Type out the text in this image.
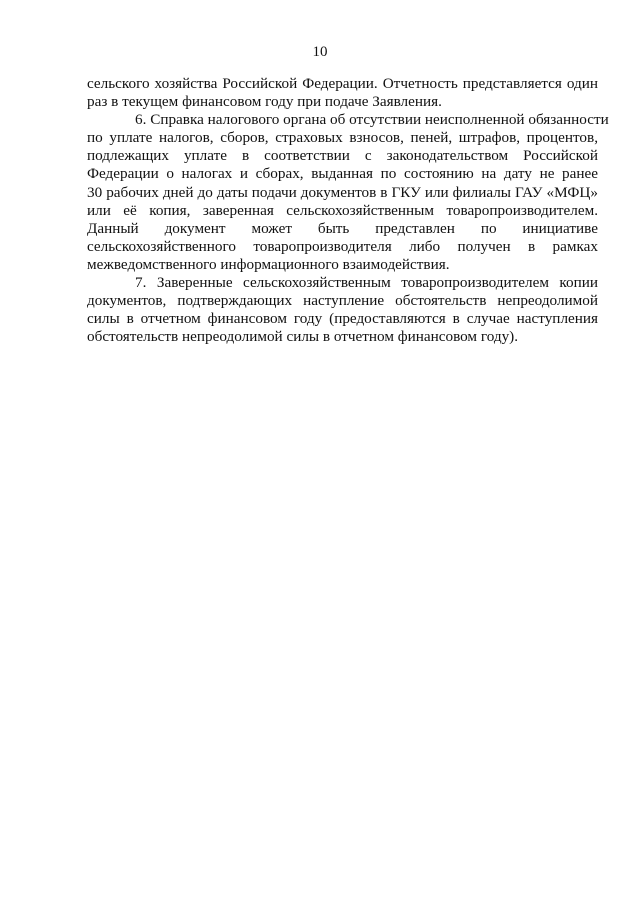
10
сельского хозяйства Российской Федерации. Отчетность представляется один
раз в текущем финансовом году при подаче Заявления.
6. Справка налогового органа об отсутствии неисполненной обязанности
по уплате налогов, сборов, страховых взносов, пеней, штрафов, процентов,
подлежащих уплате в соответствии с законодательством Российской
Федерации о налогах и сборах, выданная по состоянию на дату не ранее
30 рабочих дней до даты подачи документов в ГКУ или филиалы ГАУ «МФЦ»
или её копия, заверенная сельскохозяйственным товаропроизводителем.
Данный документ может быть представлен по инициативе
сельскохозяйственного товаропроизводителя либо получен в рамках
межведомственного информационного взаимодействия.
7. Заверенные сельскохозяйственным товаропроизводителем копии
документов, подтверждающих наступление обстоятельств непреодолимой
силы в отчетном финансовом году (предоставляются в случае наступления
обстоятельств непреодолимой силы в отчетном финансовом году).
